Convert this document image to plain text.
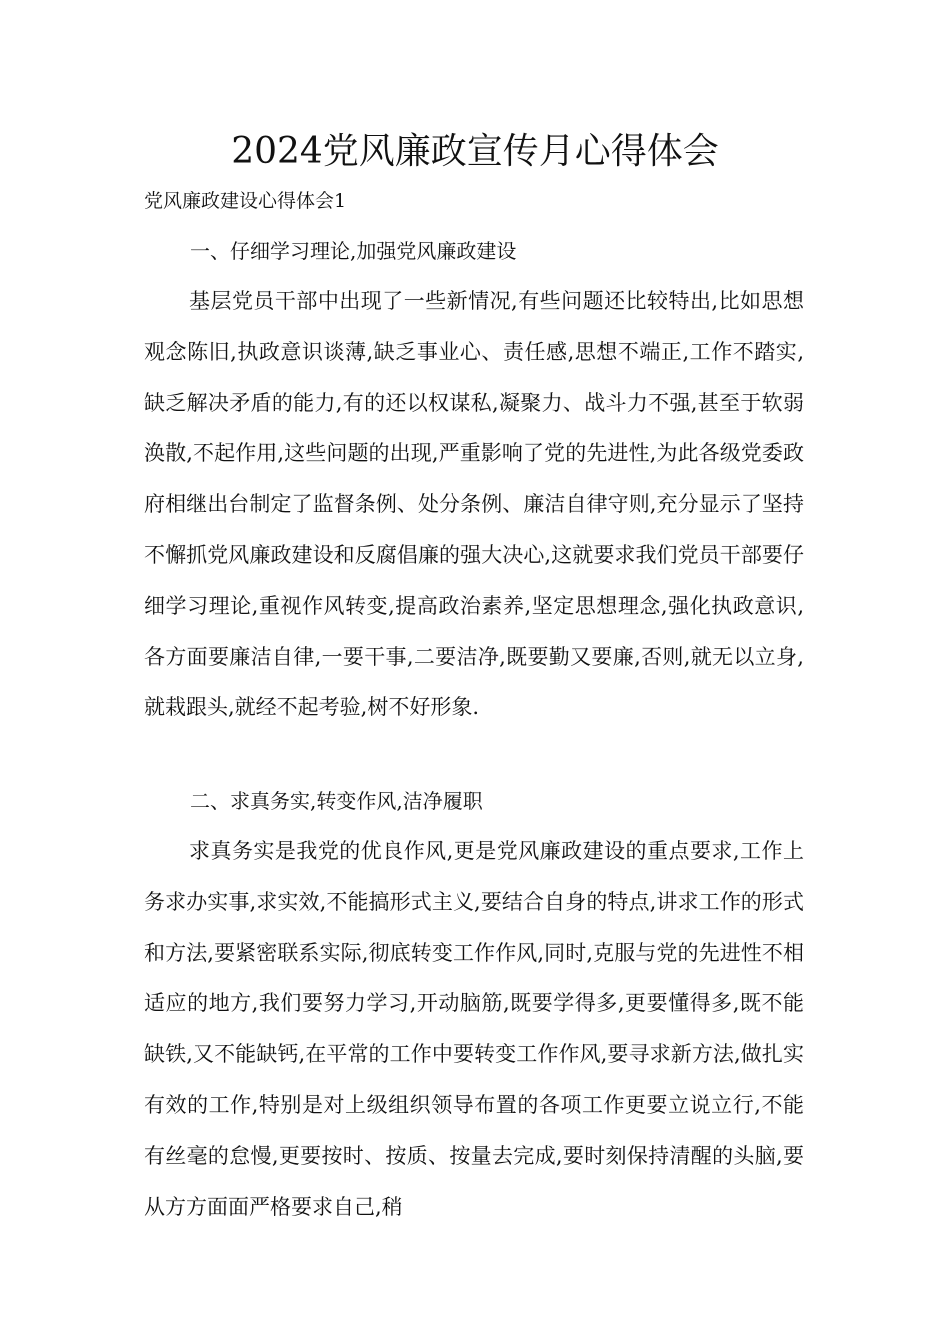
2024党风廉政宣传月心得体会

党风廉政建设心得体会1

一、仔细学习理论,加强党风廉政建设

基层党员干部中出现了一些新情况,有些问题还比较特出,比如思想观念陈旧,执政意识谈薄,缺乏事业心、责任感,思想不端正,工作不踏实,缺乏解决矛盾的能力,有的还以权谋私,凝聚力、战斗力不强,甚至于软弱涣散,不起作用,这些问题的出现,严重影响了党的先进性,为此各级党委政府相继出台制定了监督条例、处分条例、廉洁自律守则,充分显示了坚持不懈抓党风廉政建设和反腐倡廉的强大决心,这就要求我们党员干部要仔细学习理论,重视作风转变,提高政治素养,坚定思想理念,强化执政意识,各方面要廉洁自律,一要干事,二要洁净,既要勤又要廉,否则,就无以立身,就栽跟头,就经不起考验,树不好形象.

二、求真务实,转变作风,洁净履职

求真务实是我党的优良作风,更是党风廉政建设的重点要求,工作上务求办实事,求实效,不能搞形式主义,要结合自身的特点,讲求工作的形式和方法,要紧密联系实际,彻底转变工作作风,同时,克服与党的先进性不相适应的地方,我们要努力学习,开动脑筋,既要学得多,更要懂得多,既不能缺铁,又不能缺钙,在平常的工作中要转变工作作风,要寻求新方法,做扎实有效的工作,特别是对上级组织领导布置的各项工作更要立说立行,不能有丝毫的怠慢,更要按时、按质、按量去完成,要时刻保持清醒的头脑,要从方方面面严格要求自己,稍
